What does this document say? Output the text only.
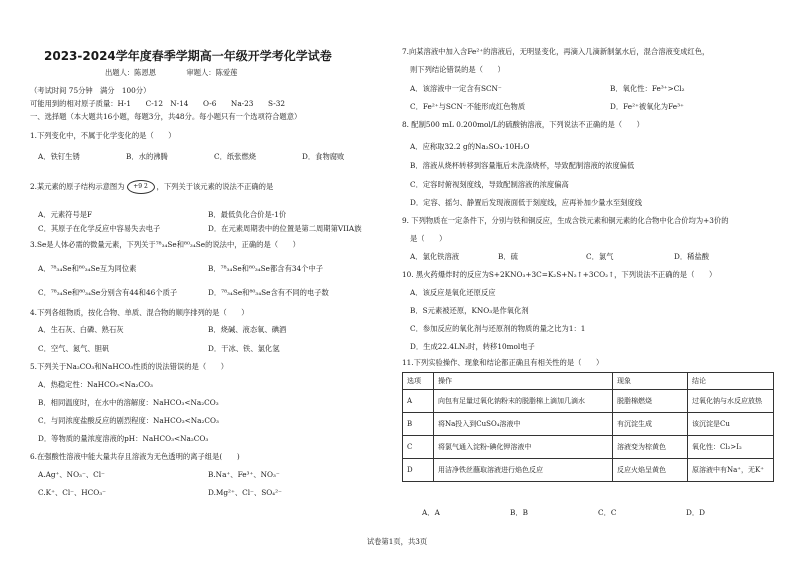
2023-2024学年度春季学期高一年级开学考化学试卷
出题人：陈恩恩	审题人：陈爱莲
（考试时间 75分钟　满分　100分）
可能用到的相对原子质量：H-1　　C-12　N-14　　O-6　　Na-23　　S-32
一、选择题（本大题共16小题，每题3分，共48分。每小题只有一个选项符合题意）
1.下列变化中，不属于化学变化的是（　　）
A．铁钉生锈	B．水的沸腾	C．纸张燃烧	D．食物腐败
2.某元素的原子结构示意图为 +9 2 ，下列关于该元素的说法不正确的是
A．元素符号是F	B．最低负化合价是-1价
C．其原子在化学反应中容易失去电子	D．在元素周期表中的位置是第二周期第VIIA族
3.Se是人体必需的微量元素，下列关于⁷⁸₃₄Se和⁸⁰₃₄Se的说法中，正确的是（　　）
A．⁷⁸₃₄Se和⁸⁰₃₄Se互为同位素	B．⁷⁸₃₄Se和⁸⁰₃₄Se都含有34个中子
C．⁷⁸₃₄Se和⁸⁰₃₄Se分别含有44和46个质子	D．⁷⁸₃₄Se和⁸⁰₃₄Se含有不同的电子数
4.下列各组物质，按化合物、单质、混合物的顺序排列的是（　　）
A．生石灰、白磷、熟石灰	B．烧碱、液态氧、碘酒
C．空气、氮气、胆矾	D．干冰、铁、氯化氢
5.下列关于Na₂CO₃和NaHCO₃性质的说法错误的是（　　）
A．热稳定性：NaHCO₃<Na₂CO₃
B．相同温度时，在水中的溶解度：NaHCO₃<Na₂CO₃
C．与同浓度盐酸反应的剧烈程度：NaHCO₃<Na₂CO₃
D．等物质的量浓度溶液的pH：NaHCO₃<Na₂CO₃
6.在强酸性溶液中能大量共存且溶液为无色透明的离子组是(　　)
A.Ag⁺、NO₃⁻、Cl⁻	B.Na⁺、Fe³⁺、NO₃⁻
C.K⁺、Cl⁻、HCO₃⁻	D.Mg²⁺、Cl⁻、SO₄²⁻
7.向某溶液中加入含Fe²⁺的溶液后，无明显变化，再滴入几滴新制氯水后，混合溶液变成红色，
则下列结论错误的是（　　）
A．该溶液中一定含有SCN⁻	B．氧化性：Fe³⁺>Cl₂
C．Fe²⁺与SCN⁻不能形成红色物质	D．Fe²⁺被氧化为Fe³⁺
8. 配制500 mL 0.200mol/L的硫酸钠溶液，下列说法不正确的是（　　）
A．应称取32.2 g的Na₂SO₄·10H₂O
B．溶液从烧杯转移到容量瓶后未洗涤烧杯，导致配制溶液的浓度偏低
C．定容时俯视刻度线，导致配制溶液的浓度偏高
D．定容、摇匀、静置后发现液面低于刻度线，应再补加少量水至刻度线
9. 下列物质在一定条件下，分别与铁和铜反应，生成含铁元素和铜元素的化合物中化合价均为+3价的
是（　　）
A．氯化铁溶液	B．硫	C．氯气	D．稀盐酸
10. 黑火药爆炸时的反应为S+2KNO₃+3C=K₂S+N₂↑+3CO₂↑，下列说法不正确的是（　　）
A．该反应是氧化还原反应
B．S元素被还原，KNO₃是作氧化剂
C．参加反应的氧化剂与还原剂的物质的量之比为1：1
D．生成22.4LN₂时，转移10mol电子
11.下列实验操作、现象和结论都正确且有相关性的是（　　）
选项	操作	现象	结论
A	向包有足量过氧化钠粉末的脱脂棉上滴加几滴水	脱脂棉燃烧	过氧化钠与水反应放热
B	将Na投入到CuSO₄溶液中	有沉淀生成	该沉淀是Cu
C	将氯气通入淀粉-碘化钾溶液中	溶液变为棕黄色	氧化性：Cl₂>I₂
D	用洁净铁丝蘸取溶液进行焰色反应	反应火焰呈黄色	原溶液中有Na⁺，无K⁺
A．A	B．B	C．C	D．D
试卷第1页，共3页
